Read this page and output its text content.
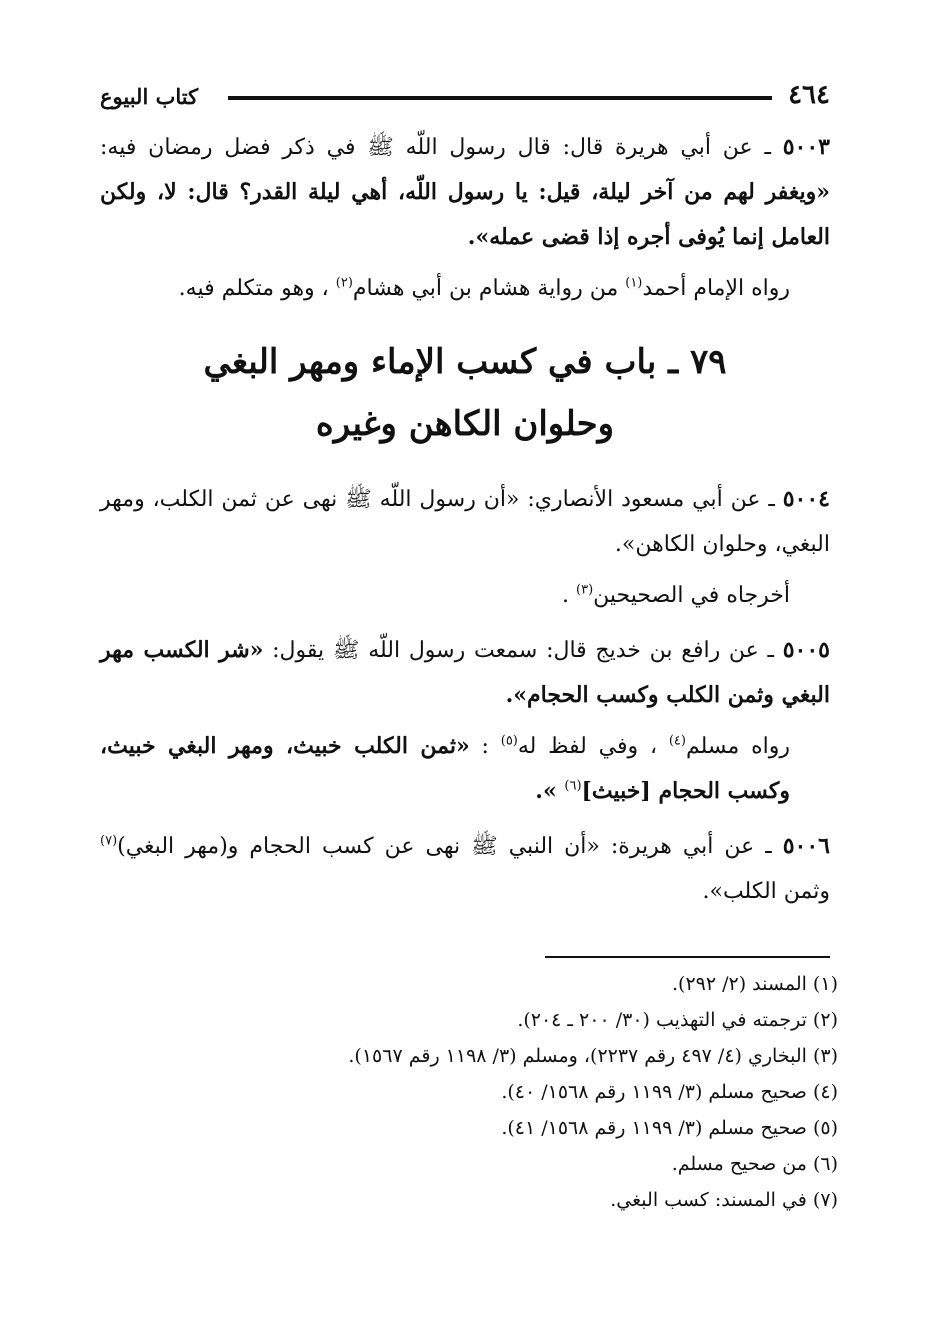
٤٦٤
كتاب البيوع

٥٠٠٣ ـ عن أبي هريرة قال: قال رسول اللّه ﷺ في ذكر فضل رمضان فيه: «ويغفر لهم من آخر ليلة، قيل: يا رسول اللّه، أهي ليلة القدر؟ قال: لا، ولكن العامل إنما يُوفى أجره إذا قضى عمله».

رواه الإمام أحمد$^{(١)}$ من رواية هشام بن أبي هشام$^{(٢)}$ ، وهو متكلم فيه.

٧٩ ـ باب في كسب الإماء ومهر البغي
وحلوان الكاهن وغيره

٥٠٠٤ ـ عن أبي مسعود الأنصاري: «أن رسول اللّه ﷺ نهى عن ثمن الكلب، ومهر البغي، وحلوان الكاهن».

أخرجاه في الصحيحين$^{(٣)}$ .

٥٠٠٥ ـ عن رافع بن خديج قال: سمعت رسول اللّه ﷺ يقول: «شر الكسب مهر البغي وثمن الكلب وكسب الحجام».

رواه مسلم$^{(٤)}$ ، وفي لفظ له$^{(٥)}$ : «ثمن الكلب خبيث، ومهر البغي خبيث، وكسب الحجام [خبيث]$^{(٦)}$ ».

٥٠٠٦ ـ عن أبي هريرة: «أن النبي ﷺ نهى عن كسب الحجام و(مهر البغي)$^{(٧)}$ وثمن الكلب».

(١) المسند (٢/ ٢٩٢).
(٢) ترجمته في التهذيب (٣٠/ ٢٠٠ ـ ٢٠٤).
(٣) البخاري (٤/ ٤٩٧ رقم ٢٢٣٧)، ومسلم (٣/ ١١٩٨ رقم ١٥٦٧).
(٤) صحيح مسلم (٣/ ١١٩٩ رقم ١٥٦٨/ ٤٠).
(٥) صحيح مسلم (٣/ ١١٩٩ رقم ١٥٦٨/ ٤١).
(٦) من صحيح مسلم.
(٧) في المسند: كسب البغي.
